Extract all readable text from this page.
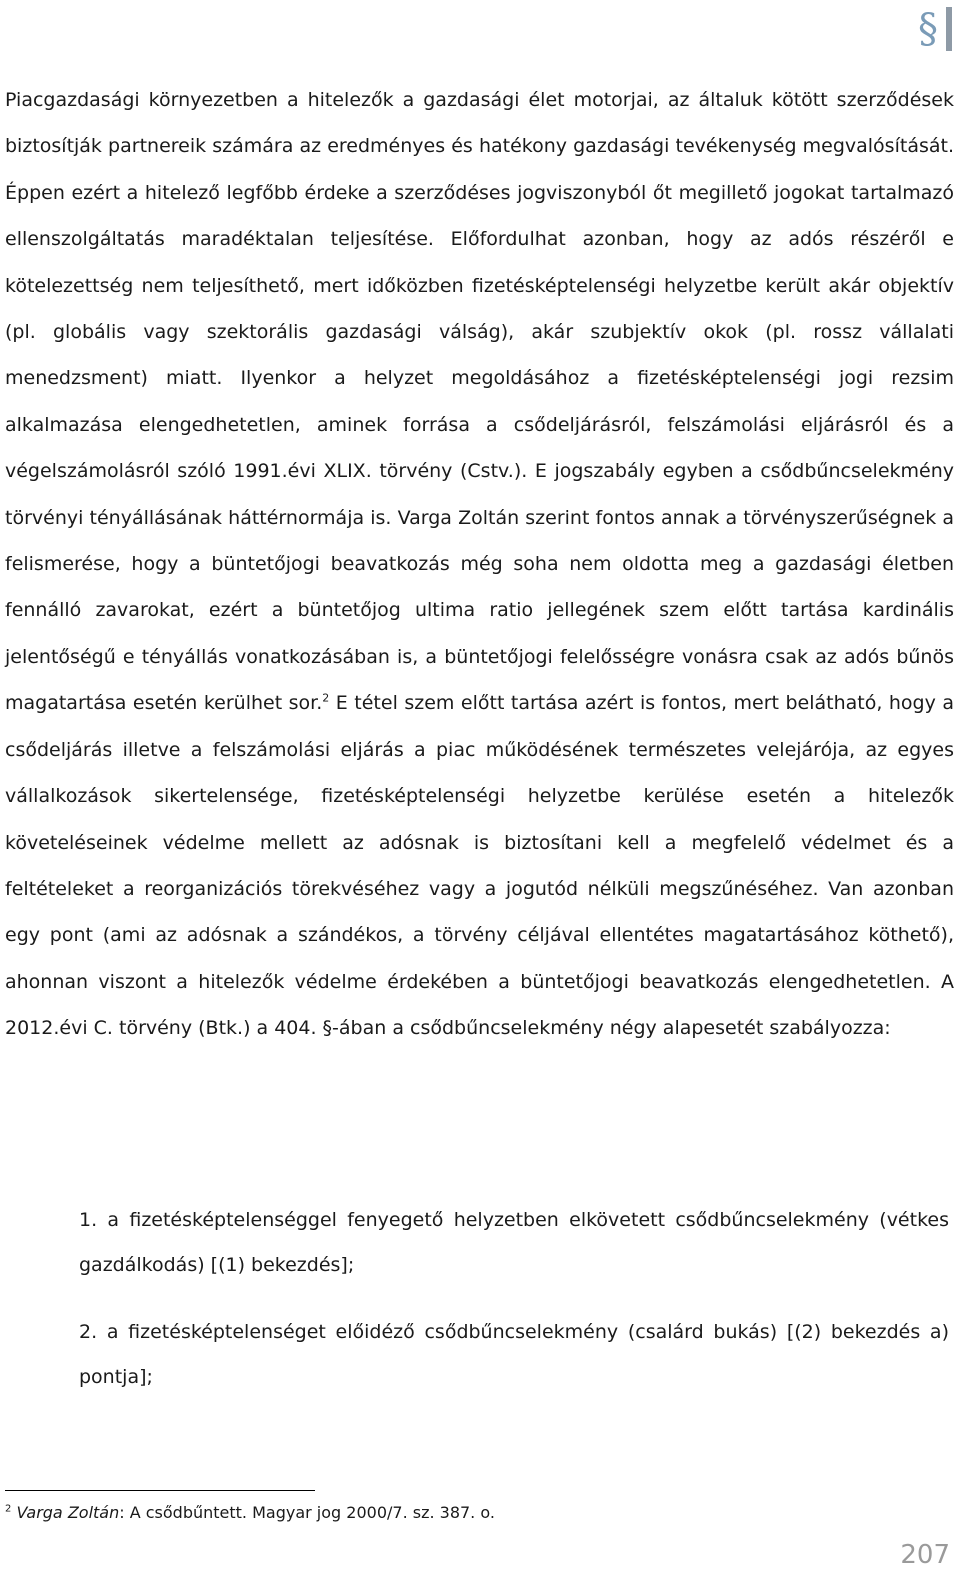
§

Piacgazdasági környezetben a hitelezők a gazdasági élet motorjai, az általuk kötött szerződések biztosítják partnereik számára az eredményes és hatékony gazdasági tevékenység megvalósítását. Éppen ezért a hitelező legfőbb érdeke a szerződéses jogviszonyból őt megillető jogokat tartalmazó ellenszolgáltatás maradéktalan teljesítése. Előfordulhat azonban, hogy az adós részéről e kötelezettség nem teljesíthető, mert időközben fizetésképtelenségi helyzetbe került akár objektív (pl. globális vagy szektorális gazdasági válság), akár szubjektív okok (pl. rossz vállalati menedzsment) miatt. Ilyenkor a helyzet megoldásához a fizetésképtelenségi jogi rezsim alkalmazása elengedhetetlen, aminek forrása a csődeljárásról, felszámolási eljárásról és a végelszámolásról szóló 1991.évi XLIX. törvény (Cstv.). E jogszabály egyben a csődbűncselekmény törvényi tényállásának háttérnormája is. Varga Zoltán szerint fontos annak a törvényszerűségnek a felismerése, hogy a büntetőjogi beavatkozás még soha nem oldotta meg a gazdasági életben fennálló zavarokat, ezért a büntetőjog ultima ratio jellegének szem előtt tartása kardinális jelentőségű e tényállás vonatkozásában is, a büntetőjogi felelősségre vonásra csak az adós bűnös magatartása esetén kerülhet sor.$^2$ E tétel szem előtt tartása azért is fontos, mert belátható, hogy a csődeljárás illetve a felszámolási eljárás a piac működésének természetes velejárója, az egyes vállalkozások sikertelensége, fizetésképtelenségi helyzetbe kerülése esetén a hitelezők követeléseinek védelme mellett az adósnak is biztosítani kell a megfelelő védelmet és a feltételeket a reorganizációs törekvéséhez vagy a jogutód nélküli megszűnéséhez. Van azonban egy pont (ami az adósnak a szándékos, a törvény céljával ellentétes magatartásához köthető), ahonnan viszont a hitelezők védelme érdekében a büntetőjogi beavatkozás elengedhetetlen. A 2012.évi C. törvény (Btk.) a 404. §-ában a csődbűncselekmény négy alapesetét szabályozza:

1. a fizetésképtelenséggel fenyegető helyzetben elkövetett csődbűncselekmény (vétkes gazdálkodás) [(1) bekezdés];
2. a fizetésképtelenséget előidéző csődbűncselekmény (csalárd bukás) [(2) bekezdés a) pontja];
$^2$ Varga Zoltán: A csődbűntett. Magyar jog 2000/7. sz. 387. o.
207
